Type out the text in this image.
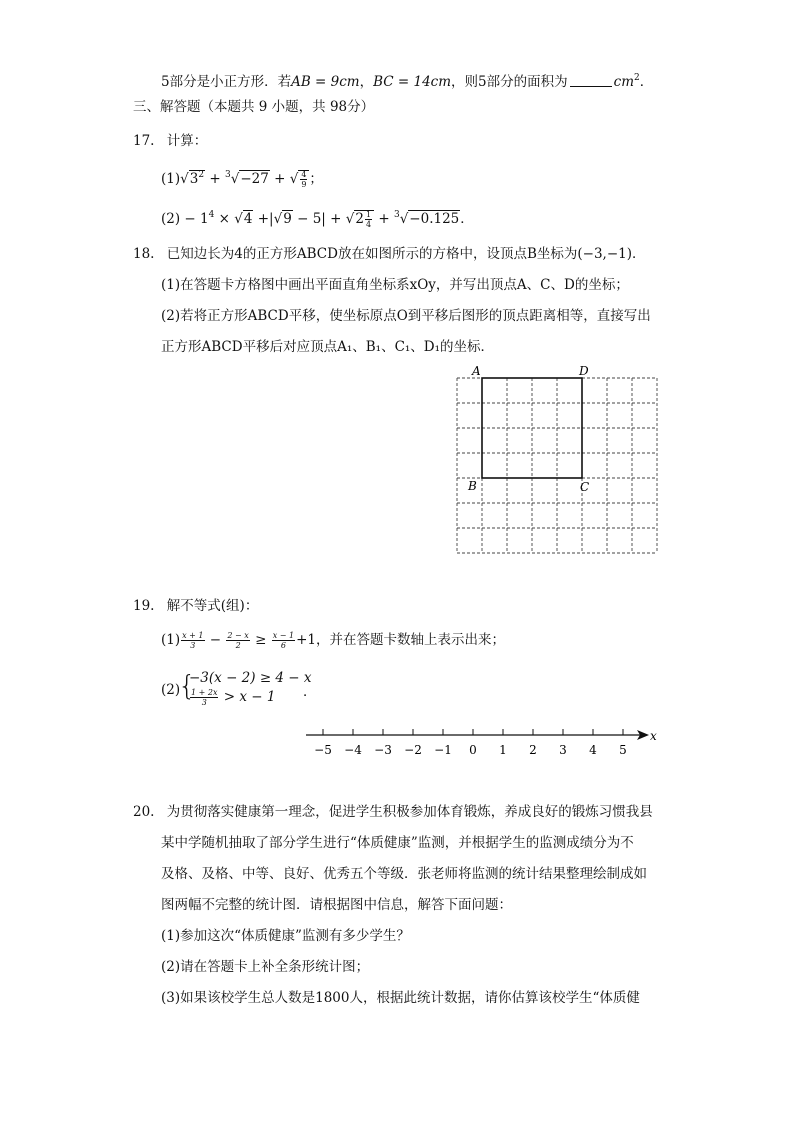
5部分是小正方形．若AB = 9cm，BC = 14cm，则5部分的面积为	$cm^2$．
三、解答题（本题共 9 小题，共 98分）
17. 计算：
$(1)√3^2 + ^3√-27$ + √ $\frac{4}{9}$ ；
$(2) - 1^4 \times √4 +|√9 - 5| + √2 \frac{1}{4} + ^3√-0.125$．
18. 已知边长为4的正方形ABCD放在如图所示的方格中，设顶点B坐标为(−3,−1)．
(1)在答题卡方格图中画出平面直角坐标系xOy，并写出顶点A、C、D的坐标；
(2)若将正方形ABCD平移，使坐标原点O到平移后图形的顶点距离相等，直接写出
正方形ABCD平移后对应顶点A₁、B₁、C₁、D₁的坐标．
A	D
B	C
19. 解不等式(组)：
$(1) \frac{x + 1}{3} - \frac{2 - x}{2} \ge \frac{x - 1}{6} +1$，并在答题卡数轴上表示出来；
(2)
{
−3(x − 2) ≥ 4 − x
$\frac{1 + 2x}{3} > x - 1$ ．
x
−5 −4 −3 −2 −1 0 1 2 3 4 5
20. 为贯彻落实健康第一理念，促进学生积极参加体育锻炼，养成良好的锻炼习惯我县
某中学随机抽取了部分学生进行“体质健康”监测，并根据学生的监测成绩分为不
及格、及格、中等、良好、优秀五个等级．张老师将监测的统计结果整理绘制成如
图两幅不完整的统计图．请根据图中信息，解答下面问题：
(1)参加这次“体质健康”监测有多少学生？
(2)请在答题卡上补全条形统计图；
(3)如果该校学生总人数是1800人，根据此统计数据，请你估算该校学生“体质健
